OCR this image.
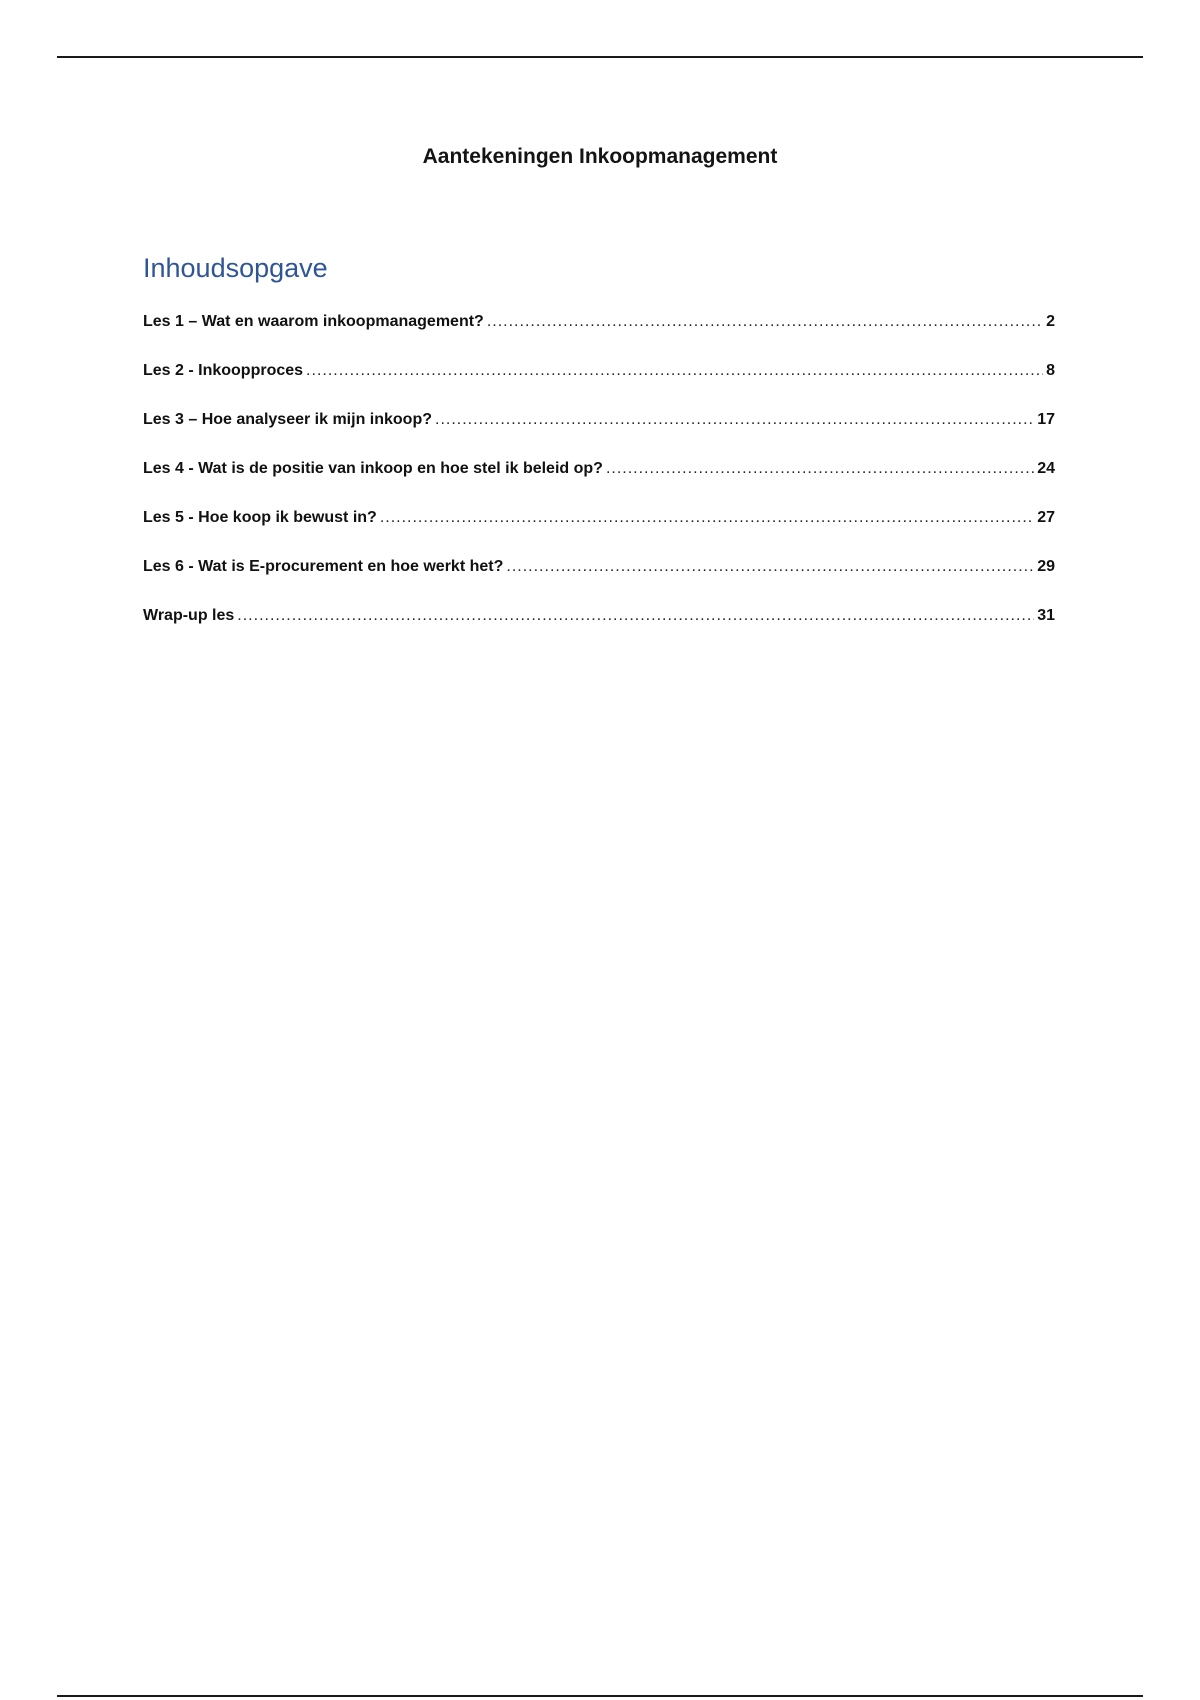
Aantekeningen Inkoopmanagement
Inhoudsopgave
Les 1 – Wat en waarom inkoopmanagement? .....	2
Les 2 - Inkoopproces .....	8
Les 3 – Hoe analyseer ik mijn inkoop? .....	17
Les 4 - Wat is de positie van inkoop en hoe stel ik beleid op? .....	24
Les 5 - Hoe koop ik bewust in? .....	27
Les 6 - Wat is E-procurement en hoe werkt het? .....	29
Wrap-up les .....	31
